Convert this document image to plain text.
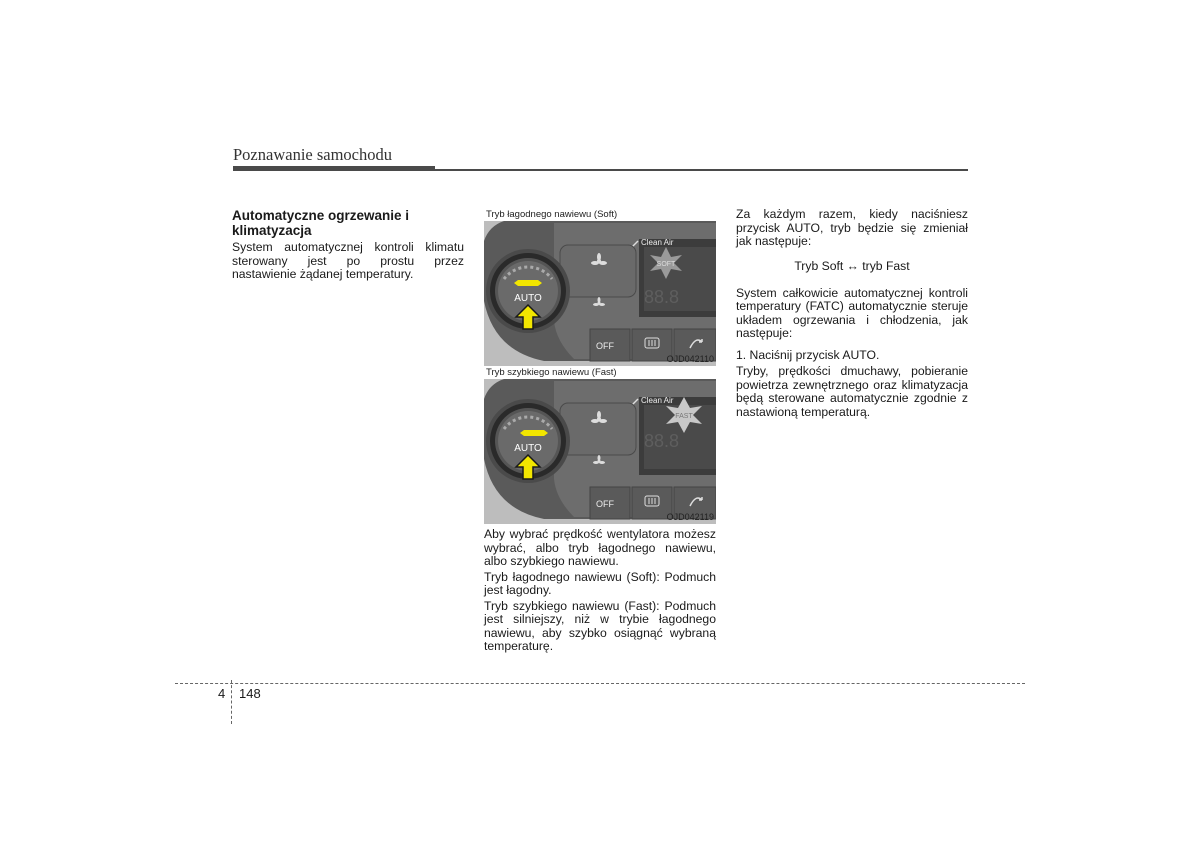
Poznawanie samochodu
Automatyczne ogrzewanie i klimatyzacja

System automatycznej kontroli klimatu sterowany jest po prostu przez nastawienie żądanej temperatury.

Tryb łagodnego nawiewu (Soft)
SOFT
88.8
Clean Air
OFF
AUTO
OJD042110
Tryb szybkiego nawiewu (Fast)
FAST
88.8
Clean Air
OFF
AUTO
OJD042119

Aby wybrać prędkość wentylatora możesz wybrać, albo tryb łagodnego nawiewu, albo szybkiego nawiewu.

Tryb łagodnego nawiewu (Soft): Podmuch jest łagodny.

Tryb szybkiego nawiewu (Fast): Podmuch jest silniejszy, niż w trybie łagodnego nawiewu, aby szybko osiągnąć wybraną temperaturę.

Za każdym razem, kiedy naciśniesz przycisk AUTO, tryb będzie się zmieniał jak następuje:

Tryb Soft ↔ tryb Fast

System całkowicie automatycznej kontroli temperatury (FATC) automatycznie steruje układem ogrzewania i chłodzenia, jak następuje:

1. Naciśnij przycisk AUTO.

Tryby, prędkości dmuchawy, pobieranie powietrza zewnętrznego oraz klimatyzacja będą sterowane automatycznie zgodnie z nastawioną temperaturą.

4 148
